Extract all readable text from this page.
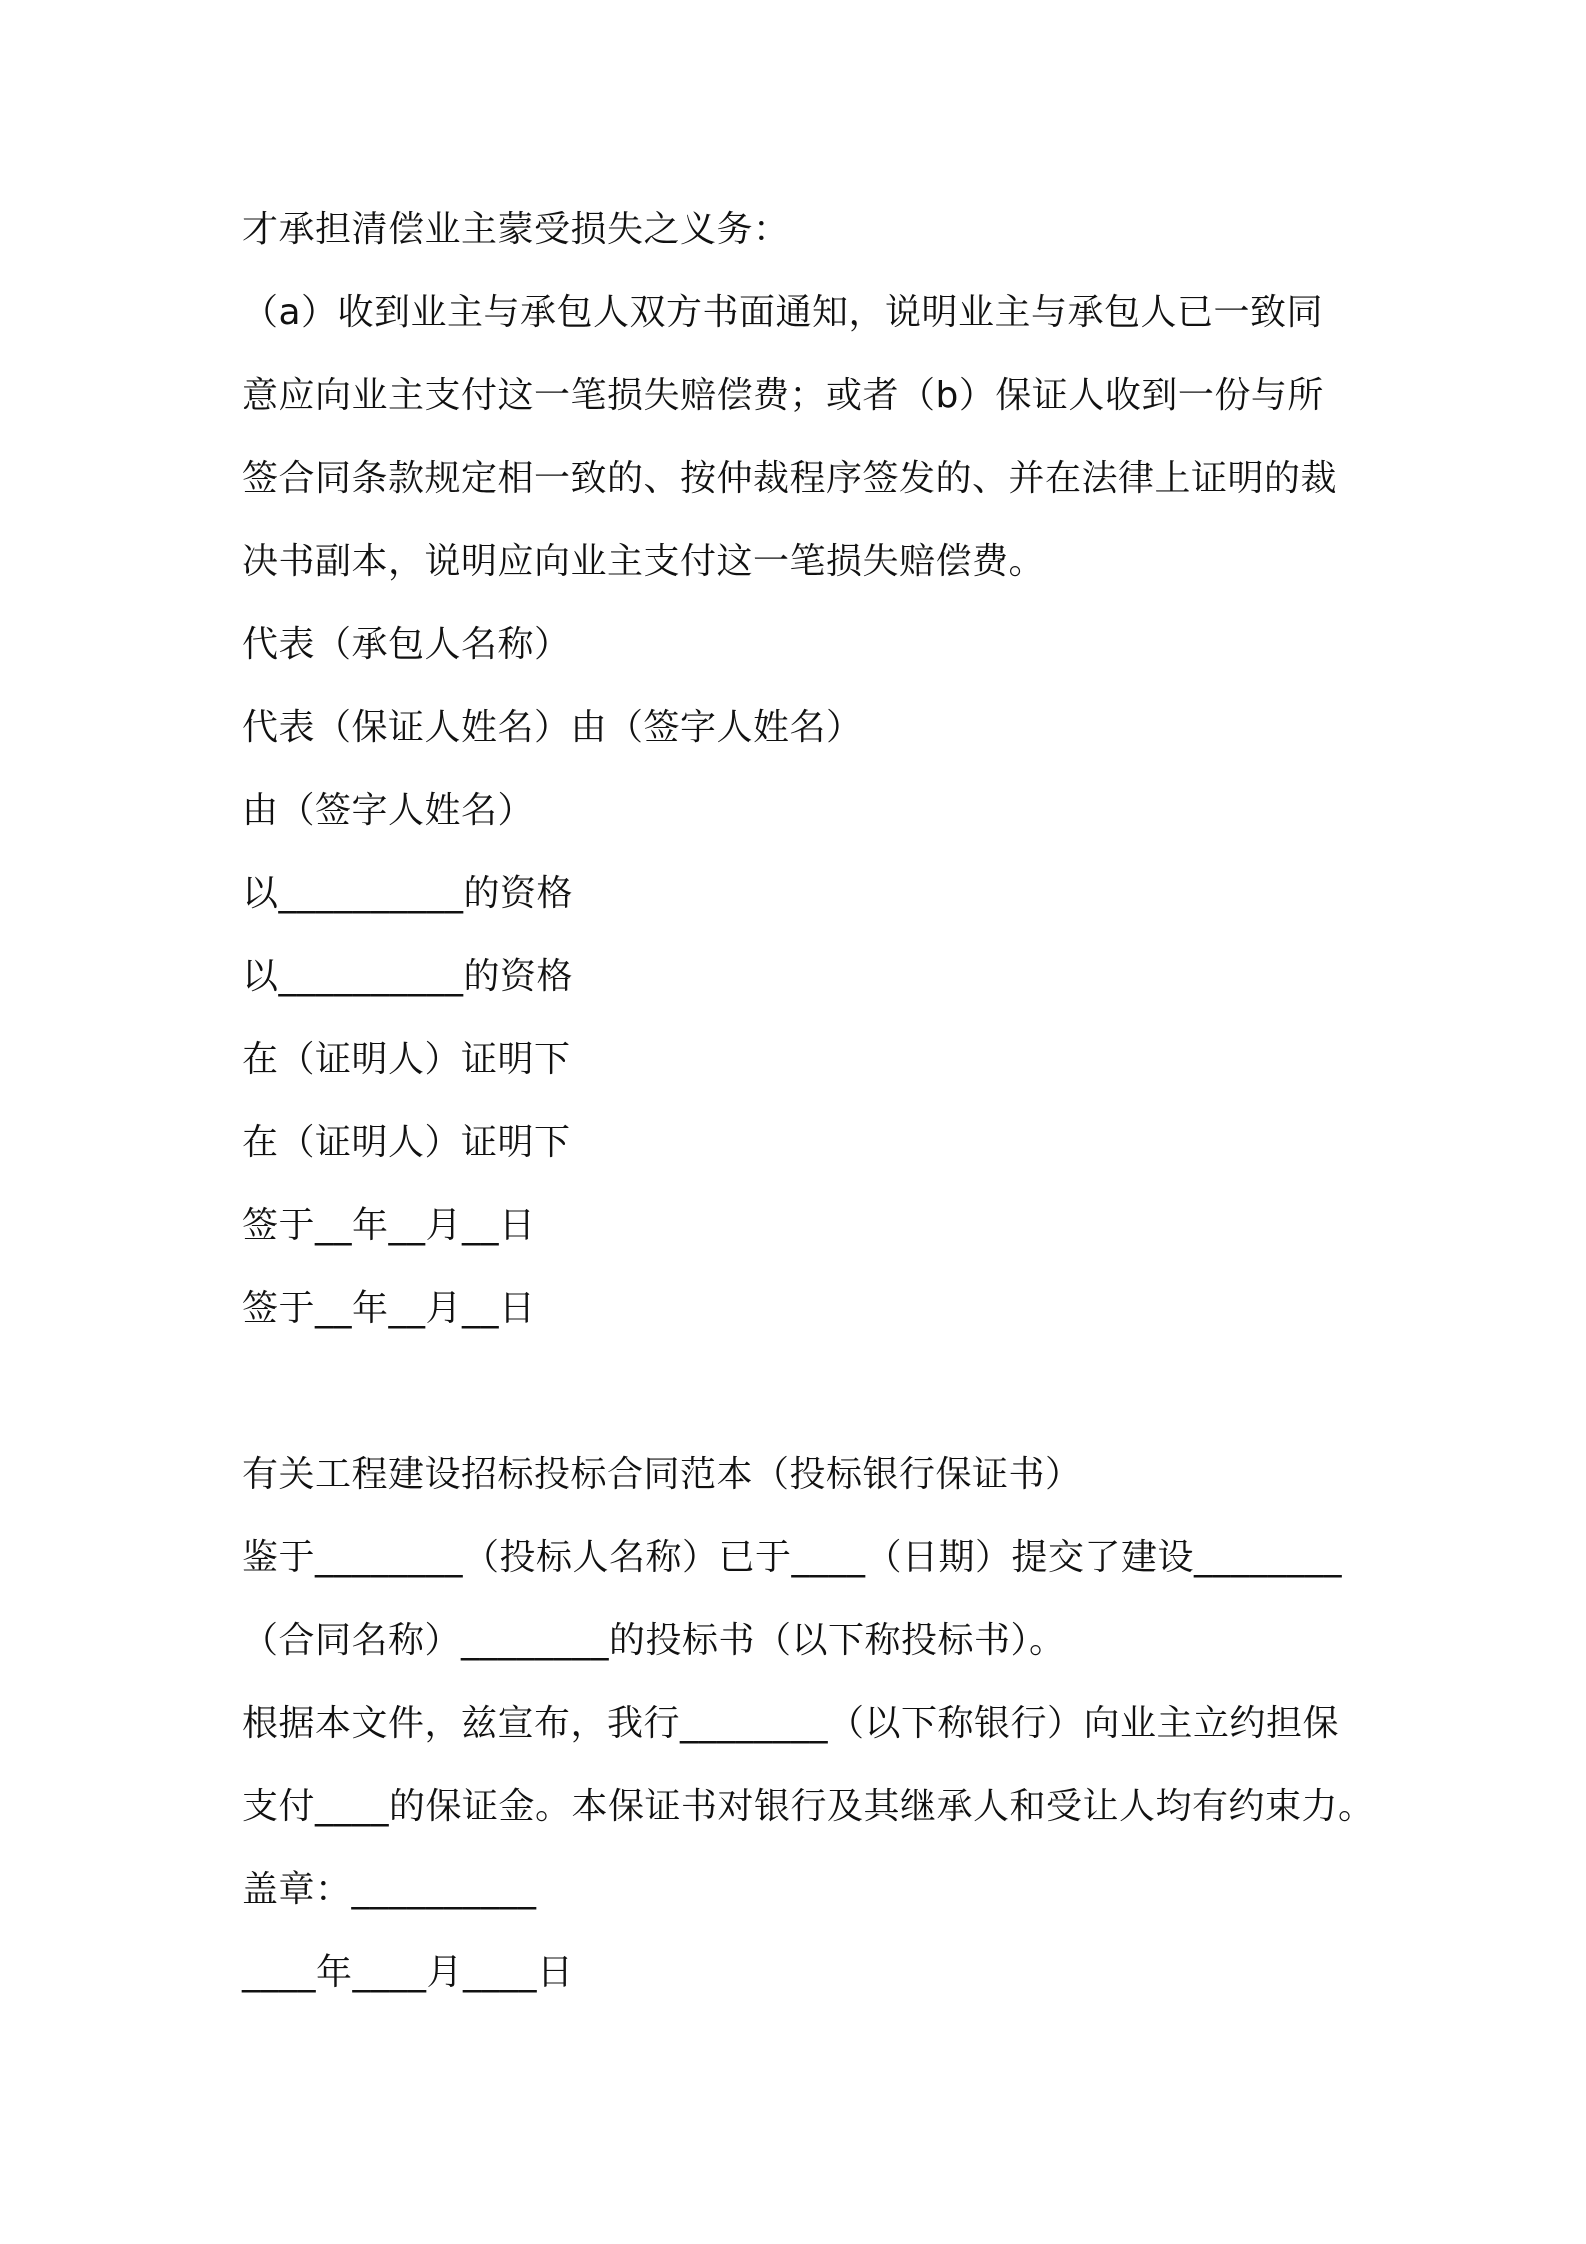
才承担清偿业主蒙受损失之义务：
（a）收到业主与承包人双方书面通知，说明业主与承包人已一致同
意应向业主支付这一笔损失赔偿费；或者（b）保证人收到一份与所
签合同条款规定相一致的、按仲裁程序签发的、并在法律上证明的裁
决书副本，说明应向业主支付这一笔损失赔偿费。
代表（承包人名称）
代表（保证人姓名）由（签字人姓名）
由（签字人姓名）
以__________的资格
以__________的资格
在（证明人）证明下
在（证明人）证明下
签于__年__月__日
签于__年__月__日
有关工程建设招标投标合同范本（投标银行保证书）
鉴于________（投标人名称）已于____（日期）提交了建设________
（合同名称）________的投标书（以下称投标书）。
根据本文件，兹宣布，我行________（以下称银行）向业主立约担保
支付____的保证金。本保证书对银行及其继承人和受让人均有约束力。
盖章：__________
____年____月____日
